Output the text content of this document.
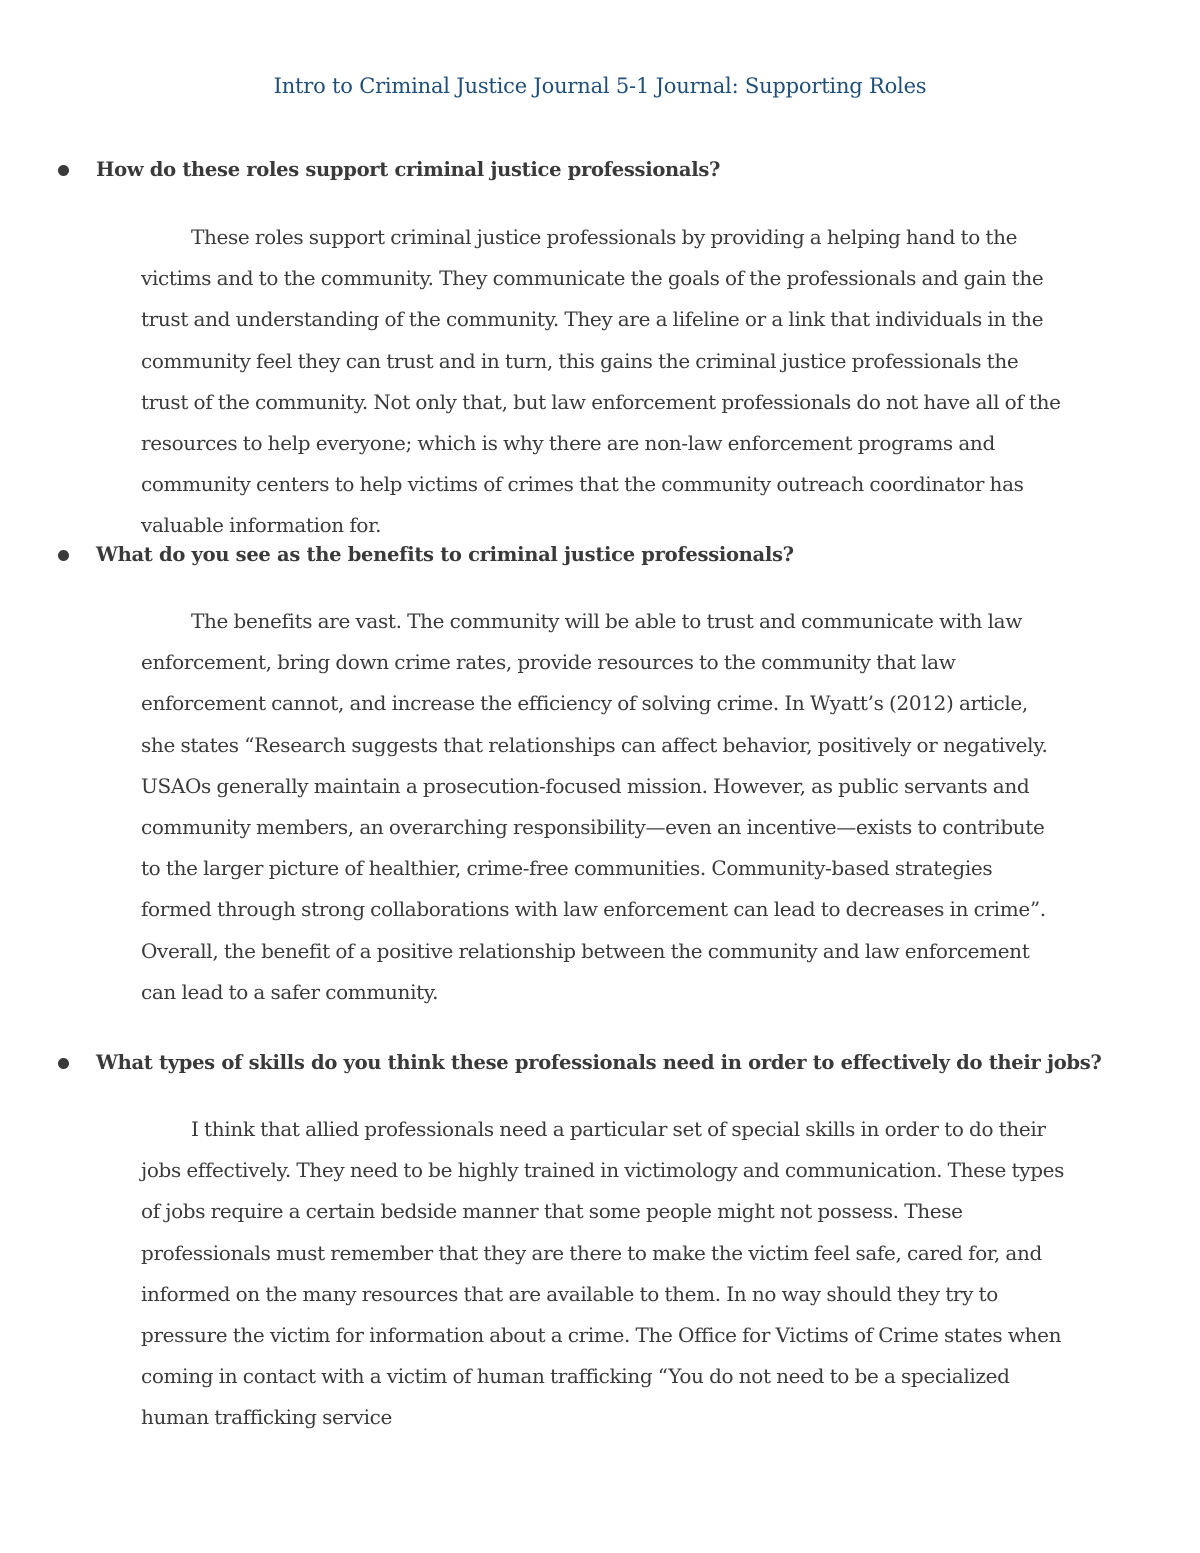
Intro to Criminal Justice Journal 5-1 Journal: Supporting Roles
How do these roles support criminal justice professionals?
These roles support criminal justice professionals by providing a helping hand to the victims and to the community. They communicate the goals of the professionals and gain the trust and understanding of the community. They are a lifeline or a link that individuals in the community feel they can trust and in turn, this gains the criminal justice professionals the trust of the community. Not only that, but law enforcement professionals do not have all of the resources to help everyone; which is why there are non-law enforcement programs and community centers to help victims of crimes that the community outreach coordinator has valuable information for.
What do you see as the benefits to criminal justice professionals?
The benefits are vast. The community will be able to trust and communicate with law enforcement, bring down crime rates, provide resources to the community that law enforcement cannot, and increase the efficiency of solving crime. In Wyatt’s (2012) article, she states “Research suggests that relationships can affect behavior, positively or negatively. USAOs generally maintain a prosecution-focused mission. However, as public servants and community members, an overarching responsibility—even an incentive—exists to contribute to the larger picture of healthier, crime-free communities. Community-based strategies formed through strong collaborations with law enforcement can lead to decreases in crime”. Overall, the benefit of a positive relationship between the community and law enforcement can lead to a safer community.
What types of skills do you think these professionals need in order to effectively do their jobs?
I think that allied professionals need a particular set of special skills in order to do their jobs effectively. They need to be highly trained in victimology and communication. These types of jobs require a certain bedside manner that some people might not possess. These professionals must remember that they are there to make the victim feel safe, cared for, and informed on the many resources that are available to them. In no way should they try to pressure the victim for information about a crime. The Office for Victims of Crime states when coming in contact with a victim of human trafficking “You do not need to be a specialized human trafficking service
